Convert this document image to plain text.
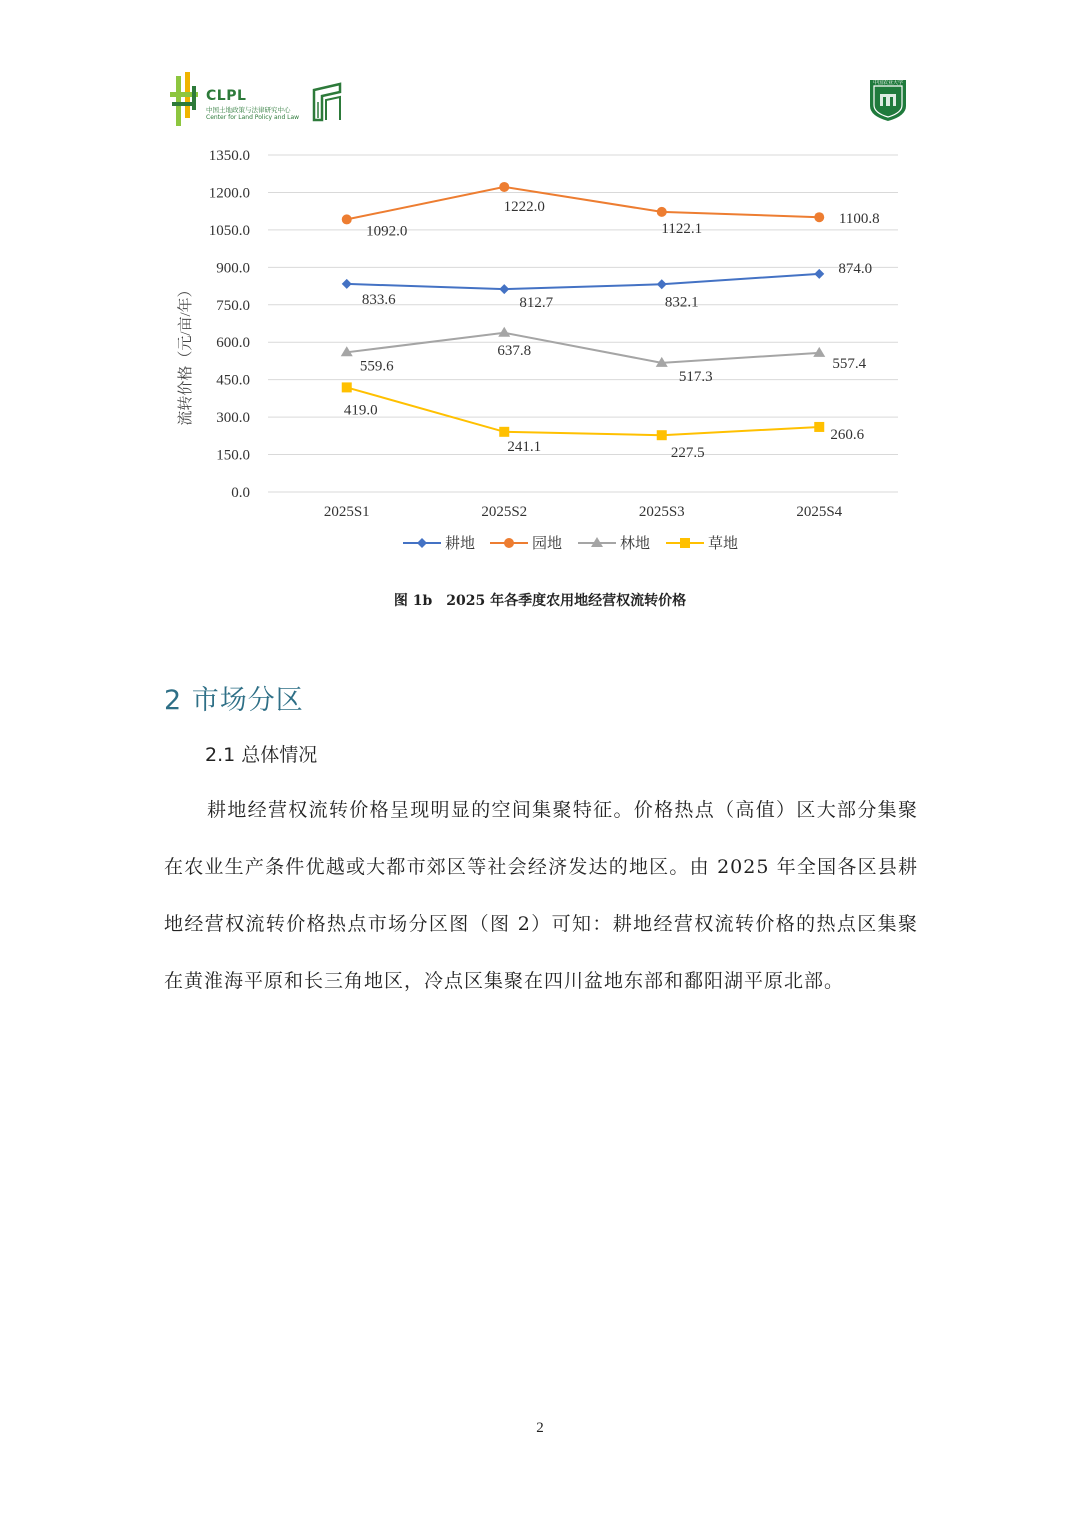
CLPL
中国土地政策与法律研究中心
Center for Land Policy and Law
中国农业大学
0.0
150.0
300.0
450.0
600.0
750.0
900.0
1050.0
1200.0
1350.0
2025S1	2025S2	2025S3	2025S4
流转价格（元/亩/年）	833.6	812.7	832.1
874.0
1092.0
1222.0
1122.1
1100.8
559.6
637.8
517.3
557.4
419.0
241.1	227.5
260.6
耕地	园地	林地	草地
图 1b　2025 年各季度农用地经营权流转价格
2 市场分区
2.1 总体情况
耕地经营权流转价格呈现明显的空间集聚特征。价格热点（高值）区大部分集聚在农业生产条件优越或大都市郊区等社会经济发达的地区。由 2025 年全国各区县耕地经营权流转价格热点市场分区图（图 2）可知：耕地经营权流转价格的热点区集聚在黄淮海平原和长三角地区，冷点区集聚在四川盆地东部和鄱阳湖平原北部。
2
